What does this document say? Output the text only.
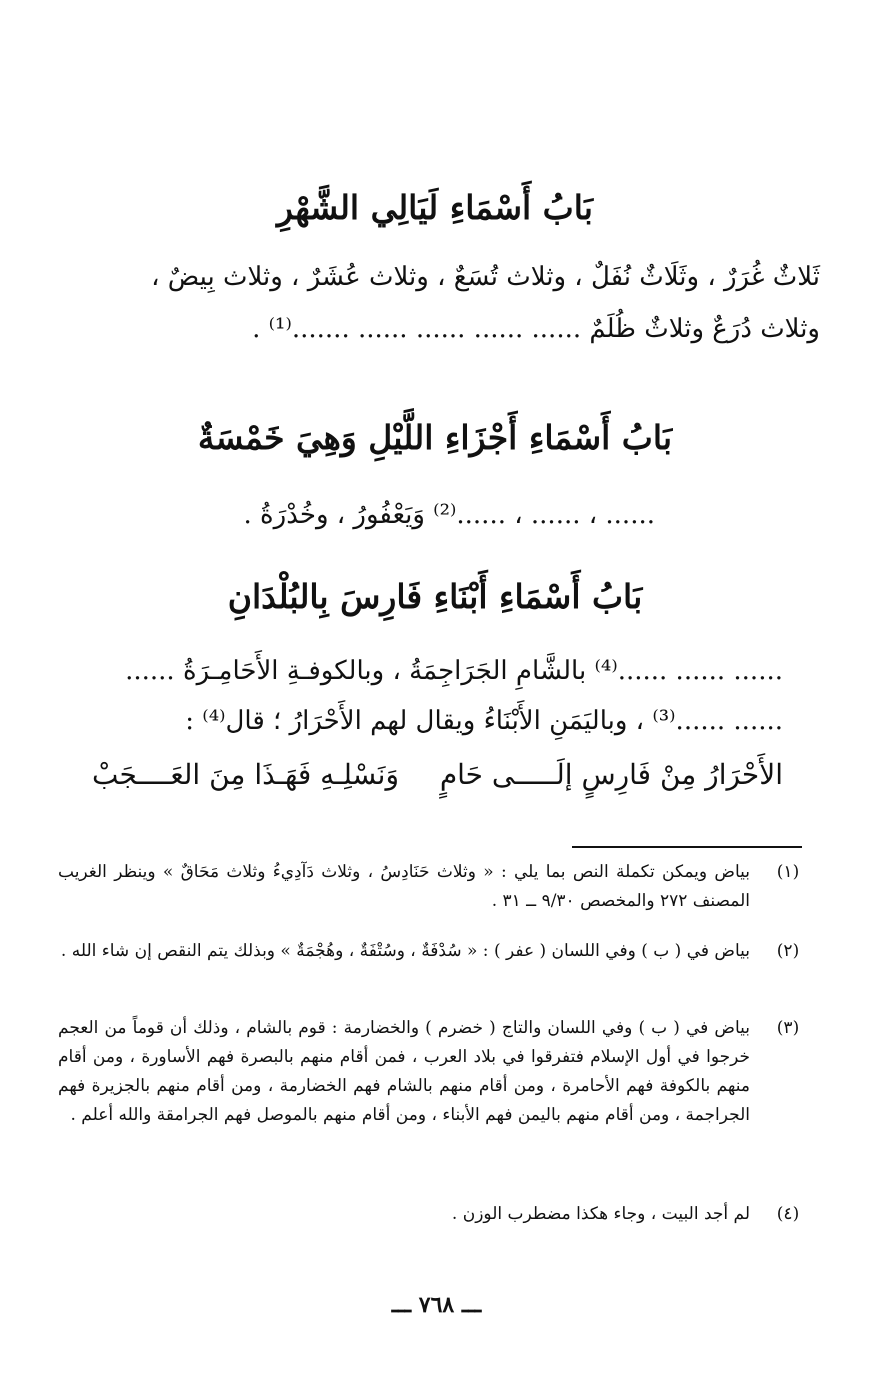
بَابُ أَسْمَاءِ لَيَالِي الشَّهْرِ
ثَلاثٌ غُرَرٌ ، وثَلَاثٌ نُفَلٌ ، وثلاث تُسَعٌ ، وثلاث عُشَرٌ ، وثلاث بِيضٌ ،
وثلاث دُرَعٌ وثلاثٌ ظُلَمٌ ...... ...... ...... ...... .......⁽¹⁾ .
بَابُ أَسْمَاءِ أَجْزَاءِ اللَّيْلِ وَهِيَ خَمْسَةٌ
...... ، ...... ، ......⁽²⁾ وَيَعْفُورُ ، وخُدْرَةُ .
بَابُ أَسْمَاءِ أَبْنَاءِ فَارِسَ بِالبُلْدَانِ
...... ...... ......⁽⁴⁾ بالشَّامِ الجَرَاجِمَةُ ، وبالكوفـةِ الأَحَامِـرَةُ ......
...... ......⁽³⁾ ، وباليَمَنِ الأَبْنَاءُ ويقال لهم الأَحْرَارُ ؛ قال⁽⁴⁾ :
الأَحْرَارُ مِنْ فَارِسٍ إلَـــــى حَامٍ
وَنَسْلِـهِ فَهَـذَا مِنَ العَــــجَبْ
(١)
بياض ويمكن تكملة النص بما يلي : « وثلاث حَنَادِسُ ، وثلاث دَآدِيءُ وثلاث مَحَاقٌ » وينظر الغريب المصنف ٢٧٢ والمخصص ٩/٣٠ ــ ٣١ .
(٢)
بياض في ( ب ) وفي اللسان ( عفر ) : « سُدْفَةٌ ، وسُتْفَةٌ ، وهُجْمَةٌ » وبذلك يتم النقص إن شاء الله .
(٣)
بياض في ( ب ) وفي اللسان والتاج ( خضرم ) والخضارمة : قوم بالشام ، وذلك أن قوماً من العجم خرجوا في أول الإسلام فتفرقوا في بلاد العرب ، فمن أقام منهم بالبصرة فهم الأساورة ، ومن أقام منهم بالكوفة فهم الأحامرة ، ومن أقام منهم بالشام فهم الخضارمة ، ومن أقام منهم بالجزيرة فهم الجراجمة ، ومن أقام منهم باليمن فهم الأبناء ، ومن أقام منهم بالموصل فهم الجرامقة والله أعلم .
(٤)
لم أجد البيت ، وجاء هكذا مضطرب الوزن .
ـــ ٧٦٨ ـــ
